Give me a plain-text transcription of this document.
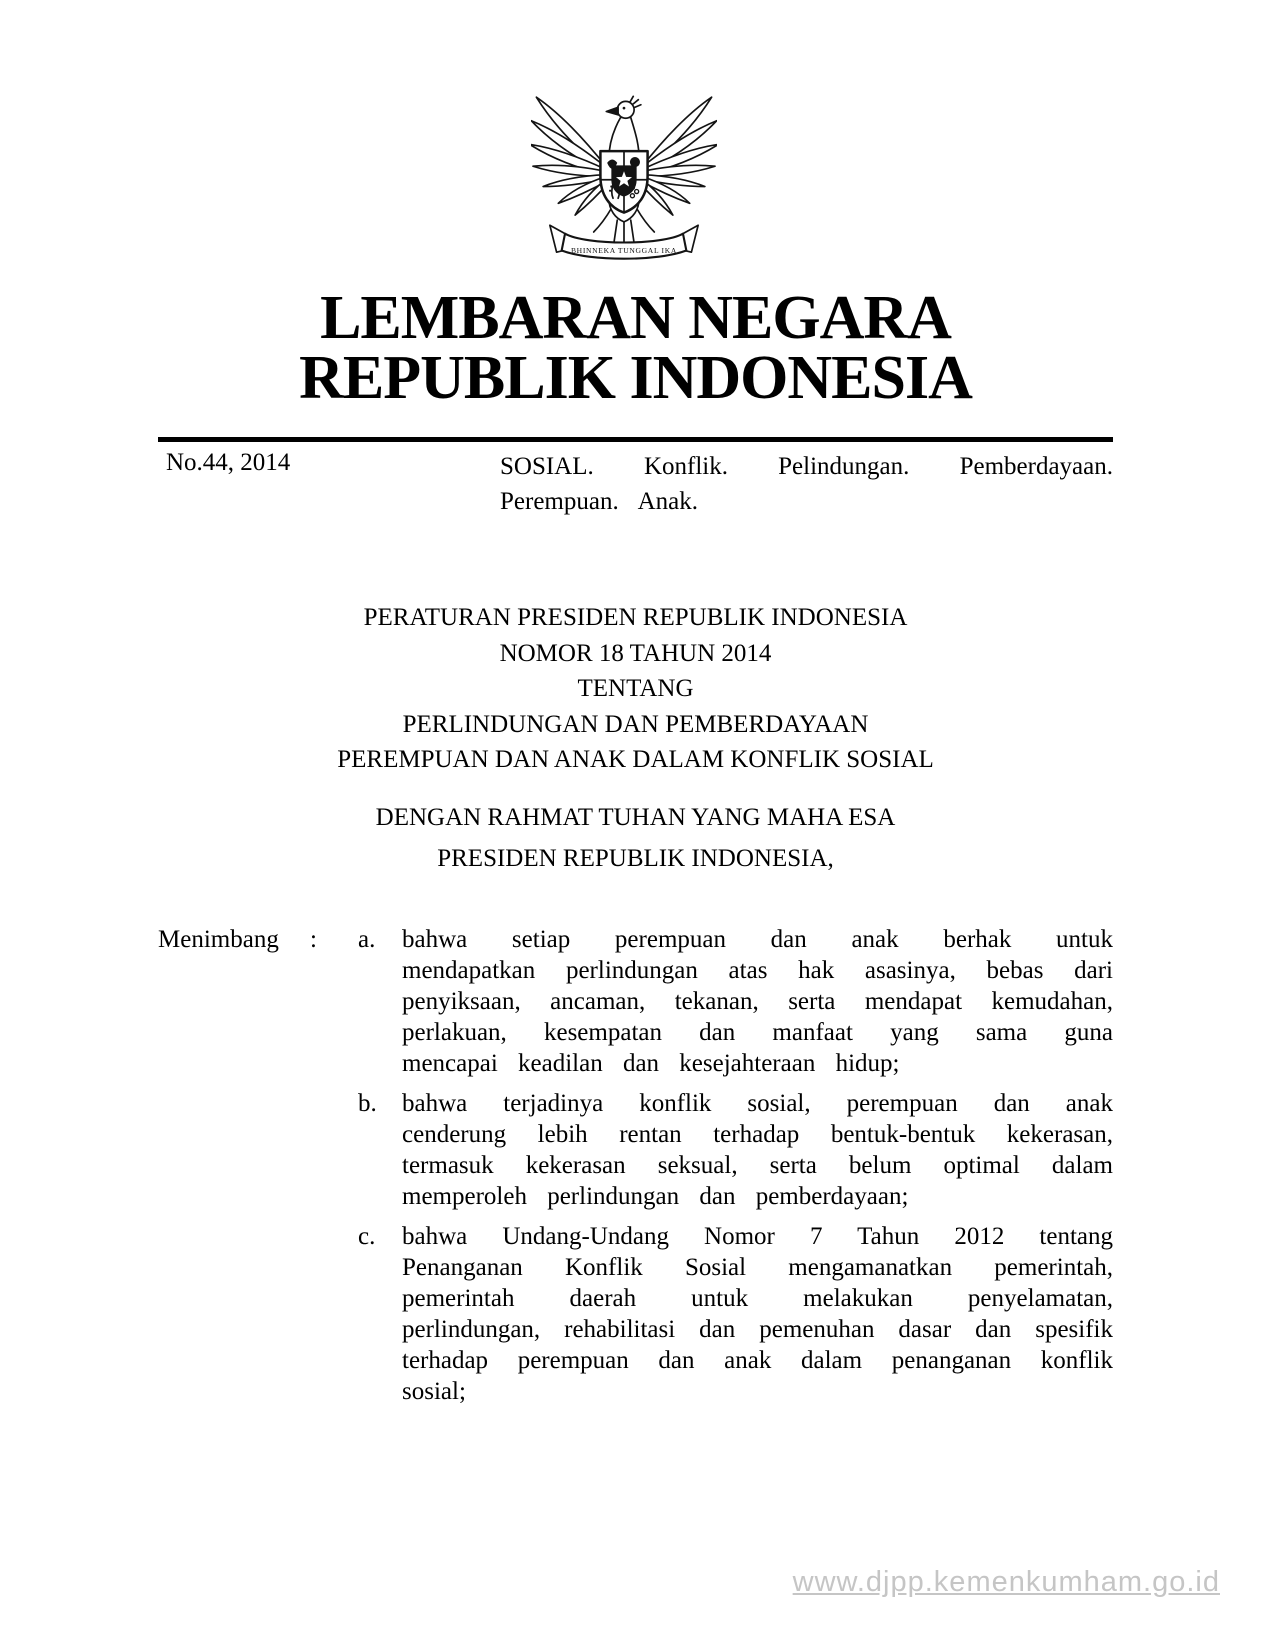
BHINNEKA TUNGGAL IKA
LEMBARAN NEGARA
REPUBLIK INDONESIA
No.44, 2014	SOSIAL. Konflik. Pelindungan. Pemberdayaan. Perempuan. Anak.
PERATURAN PRESIDEN REPUBLIK INDONESIA
NOMOR 18 TAHUN 2014
TENTANG
PERLINDUNGAN DAN PEMBERDAYAAN
PEREMPUAN DAN ANAK DALAM KONFLIK SOSIAL
DENGAN RAHMAT TUHAN YANG MAHA ESA
PRESIDEN REPUBLIK INDONESIA,
Menimbang	:	a.	bahwa setiap perempuan dan anak berhak untuk mendapatkan perlindungan atas hak asasinya, bebas dari penyiksaan, ancaman, tekanan, serta mendapat kemudahan, perlakuan, kesempatan dan manfaat yang sama guna mencapai keadilan dan kesejahteraan hidup;
b.	bahwa terjadinya konflik sosial, perempuan dan anak cenderung lebih rentan terhadap bentuk-bentuk kekerasan, termasuk kekerasan seksual, serta belum optimal dalam memperoleh perlindungan dan pemberdayaan;
c.	bahwa Undang-Undang Nomor 7 Tahun 2012 tentang Penanganan Konflik Sosial mengamanatkan pemerintah, pemerintah daerah untuk melakukan penyelamatan, perlindungan, rehabilitasi dan pemenuhan dasar dan spesifik terhadap perempuan dan anak dalam penanganan konflik sosial;
www.djpp.kemenkumham.go.id
